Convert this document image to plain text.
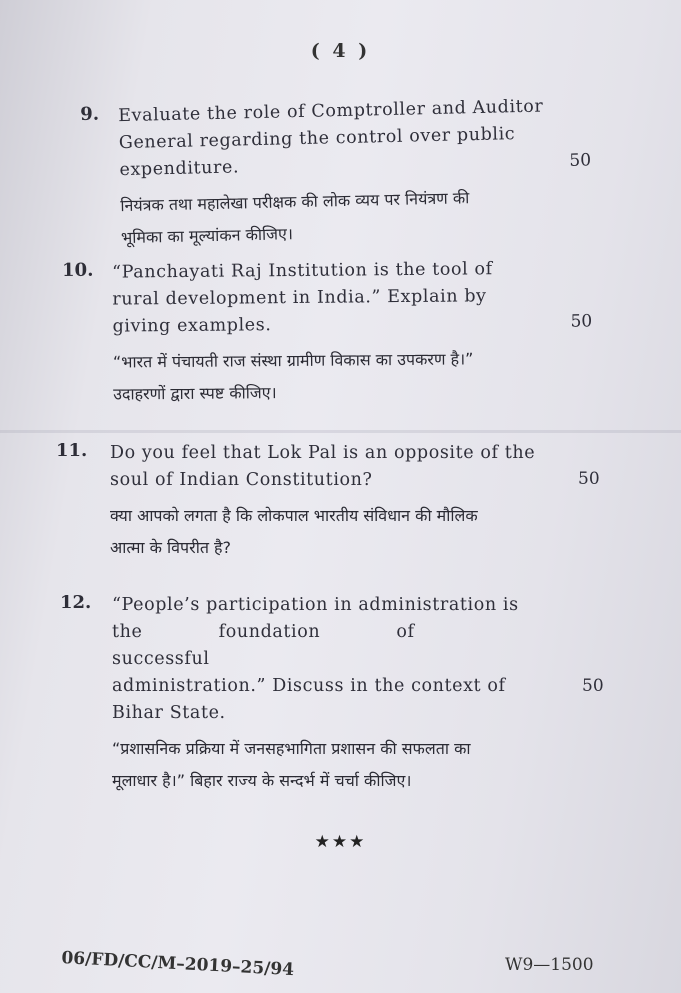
( 4 )
9. Evaluate the role of Comptroller and Auditor
General regarding the control over public
expenditure.
नियंत्रक तथा महालेखा परीक्षक की लोक व्यय पर नियंत्रण की
भूमिका का मूल्यांकन कीजिए।
50
10. “Panchayati Raj Institution is the tool of
rural development in India.” Explain by
giving examples.
“भारत में पंचायती राज संस्था ग्रामीण विकास का उपकरण है।”
उदाहरणों द्वारा स्पष्ट कीजिए।
50
11. Do you feel that Lok Pal is an opposite of the
soul of Indian Constitution?
क्या आपको लगता है कि लोकपाल भारतीय संविधान की मौलिक
आत्मा के विपरीत है?
50
12. “People’s participation in administration is
the foundation of successful
administration.” Discuss in the context of
Bihar State.
“प्रशासनिक प्रक्रिया में जनसहभागिता प्रशासन की सफलता का
मूलाधार है।” बिहार राज्य के सन्दर्भ में चर्चा कीजिए।
50
★★★
06/FD/CC/M–2019–25/94	W9—1500
